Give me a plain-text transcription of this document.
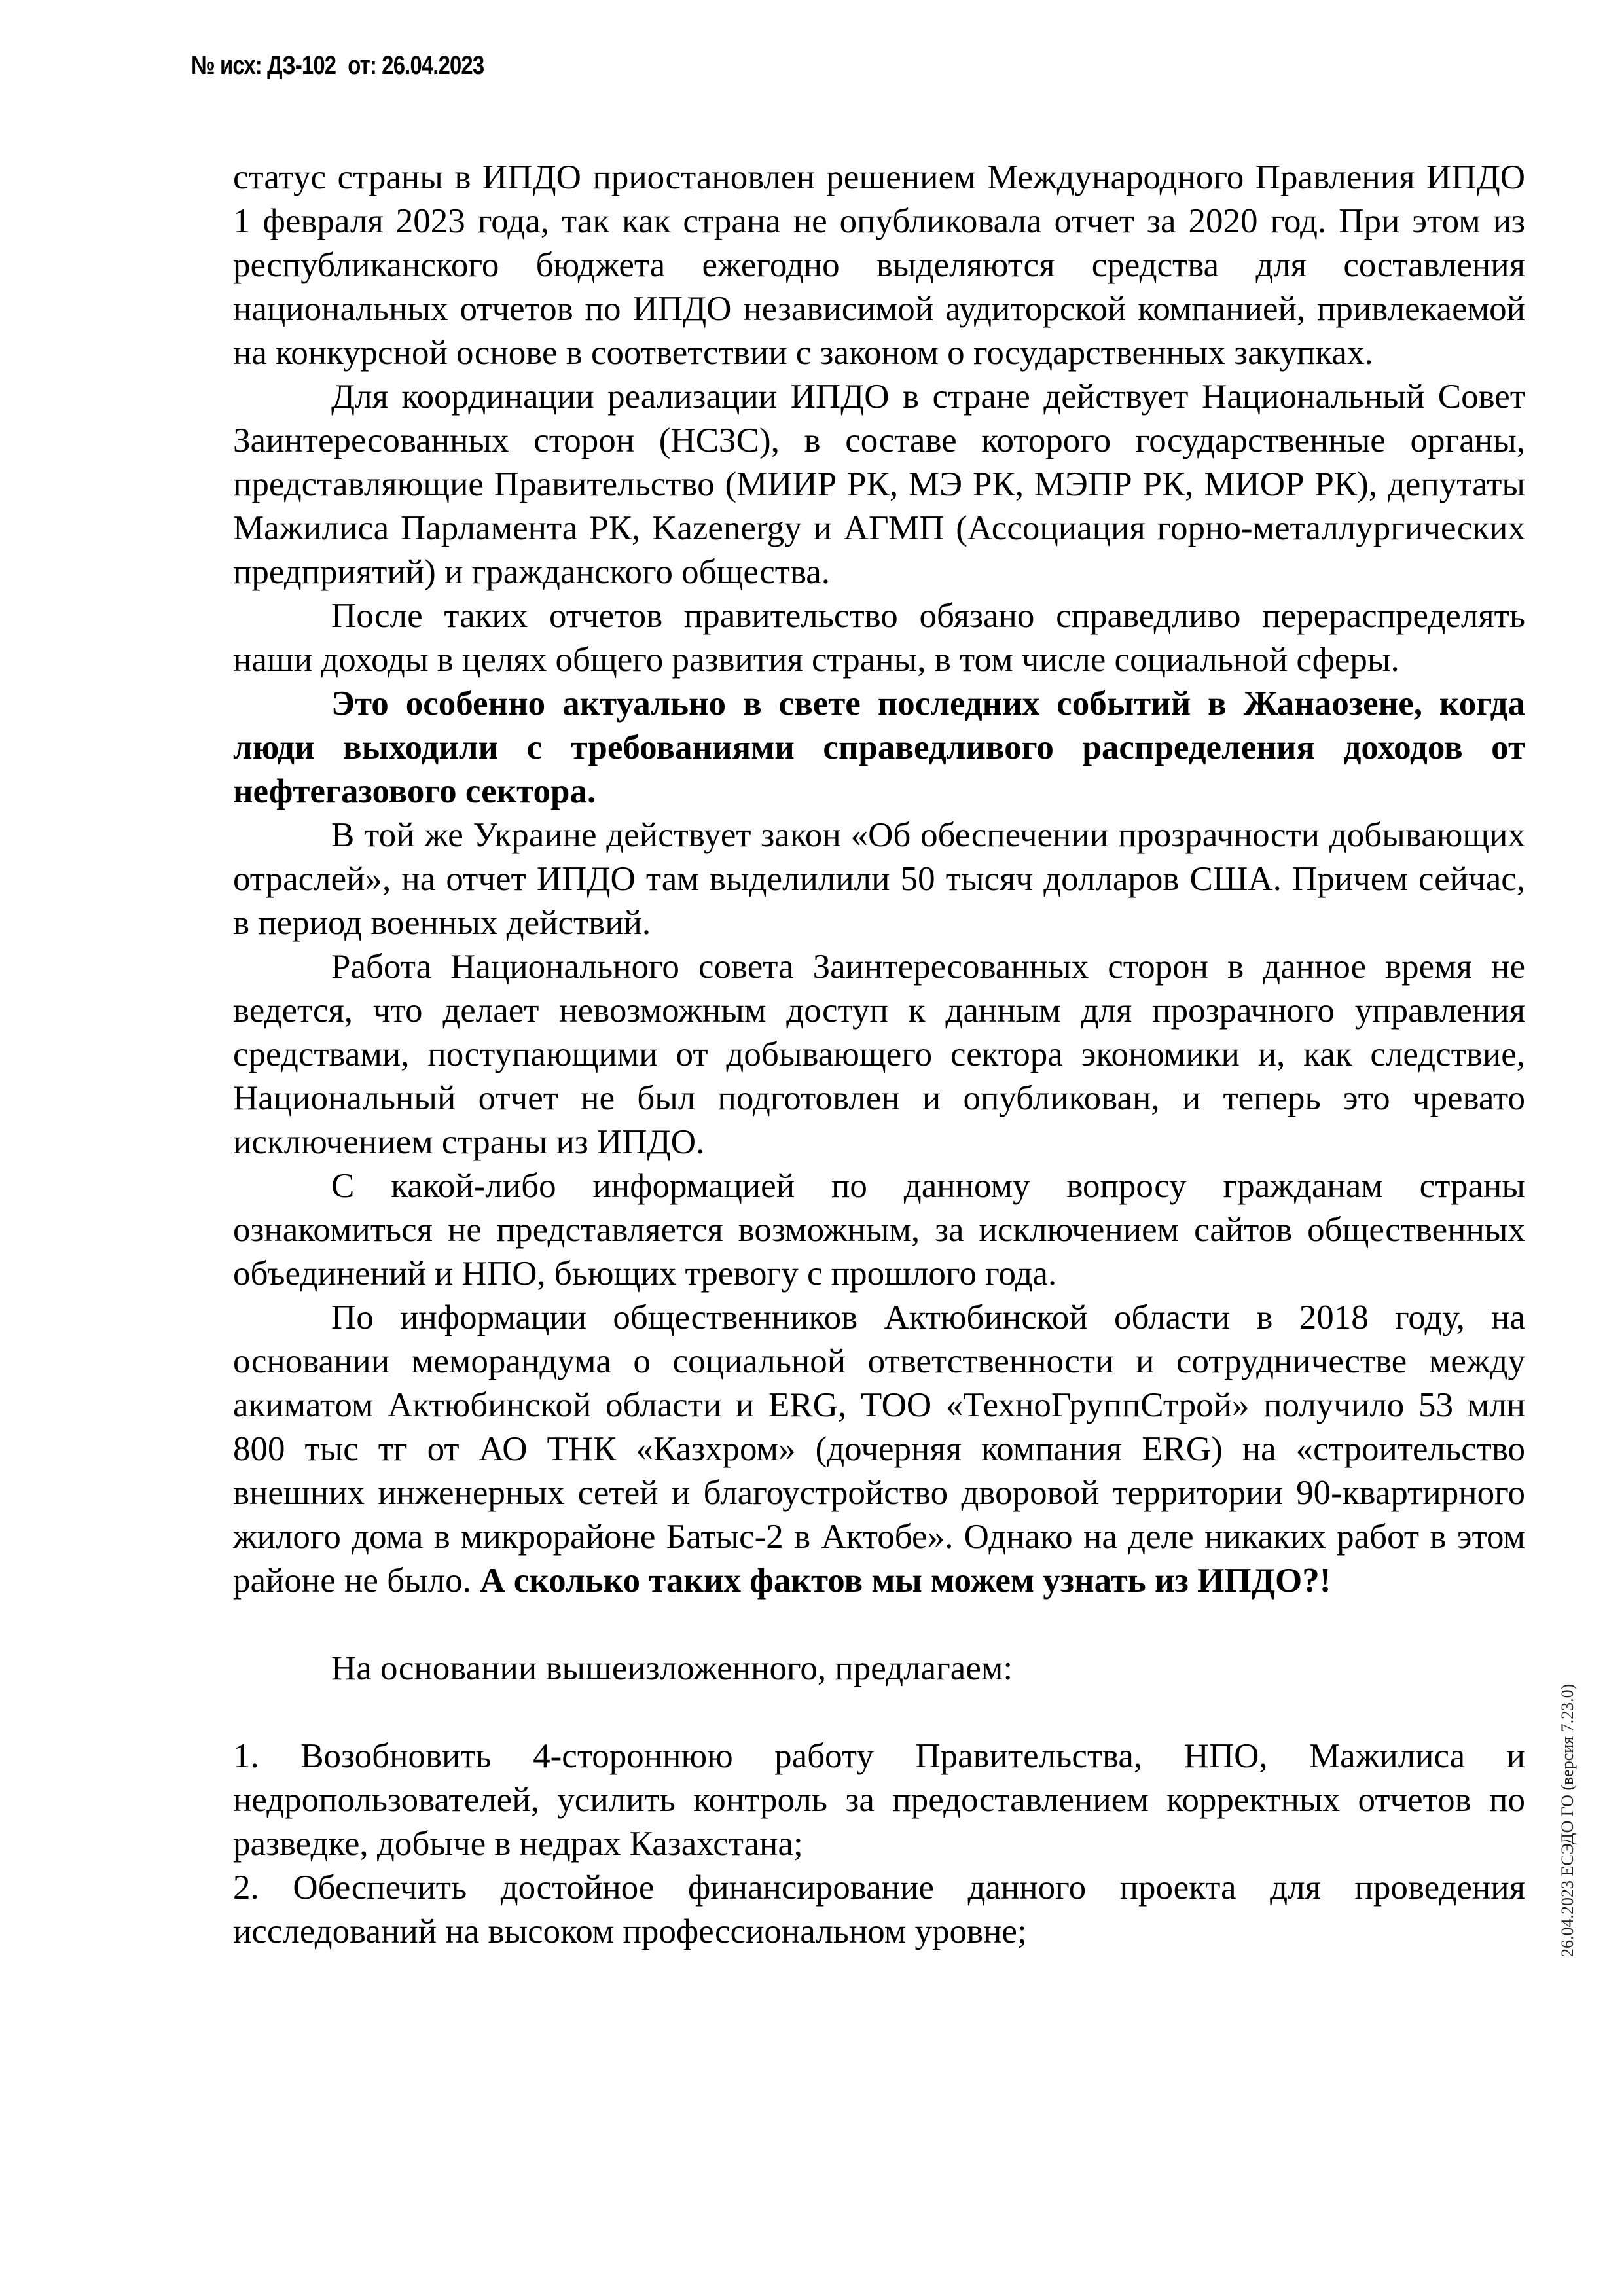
№ исх: ДЗ-102 от: 26.04.2023
26.04.2023 ЕСЭДО ГО (версия 7.23.0)

статус страны в ИПДО приостановлен решением Международного Правления ИПДО 1 февраля 2023 года, так как страна не опубликовала отчет за 2020 год. При этом из республиканского бюджета ежегодно выделяются средства для составления национальных отчетов по ИПДО независимой аудиторской компанией, привлекаемой на конкурсной основе в соответствии с законом о государственных закупках.

Для координации реализации ИПДО в стране действует Национальный Совет Заинтересованных сторон (НСЗС), в составе которого государственные органы, представляющие Правительство (МИИР РК, МЭ РК, МЭПР РК, МИОР РК), депутаты Мажилиса Парламента РК, Kazenergy и АГМП (Ассоциация горно-металлургических предприятий) и гражданского общества.

После таких отчетов правительство обязано справедливо перераспределять наши доходы в целях общего развития страны, в том числе социальной сферы.

Это особенно актуально в свете последних событий в Жанаозене, когда люди выходили с требованиями справедливого распределения доходов от нефтегазового сектора.

В той же Украине действует закон «Об обеспечении прозрачности добывающих отраслей», на отчет ИПДО там выделилили 50 тысяч долларов США. Причем сейчас, в период военных действий.

Работа Национального совета Заинтересованных сторон в данное время не ведется, что делает невозможным доступ к данным для прозрачного управления средствами, поступающими от добывающего сектора экономики и, как следствие, Национальный отчет не был подготовлен и опубликован, и теперь это чревато исключением страны из ИПДО.

С какой-либо информацией по данному вопросу гражданам страны ознакомиться не представляется возможным, за исключением сайтов общественных объединений и НПО, бьющих тревогу с прошлого года.

По информации общественников Актюбинской области в 2018 году, на основании меморандума о социальной ответственности и сотрудничестве между акиматом Актюбинской области и ERG, ТОО «ТехноГруппСтрой» получило 53 млн 800 тыс тг от АО ТНК «Казхром» (дочерняя компания ERG) на «строительство внешних инженерных сетей и благоустройство дворовой территории 90-квартирного жилого дома в микрорайоне Батыс-2 в Актобе». Однако на деле никаких работ в этом районе не было. А сколько таких фактов мы можем узнать из ИПДО?!

На основании вышеизложенного, предлагаем:

1. Возобновить 4-стороннюю работу Правительства, НПО, Мажилиса и недропользователей, усилить контроль за предоставлением корректных отчетов по разведке, добыче в недрах Казахстана;

2. Обеспечить достойное финансирование данного проекта для проведения исследований на высоком профессиональном уровне;
